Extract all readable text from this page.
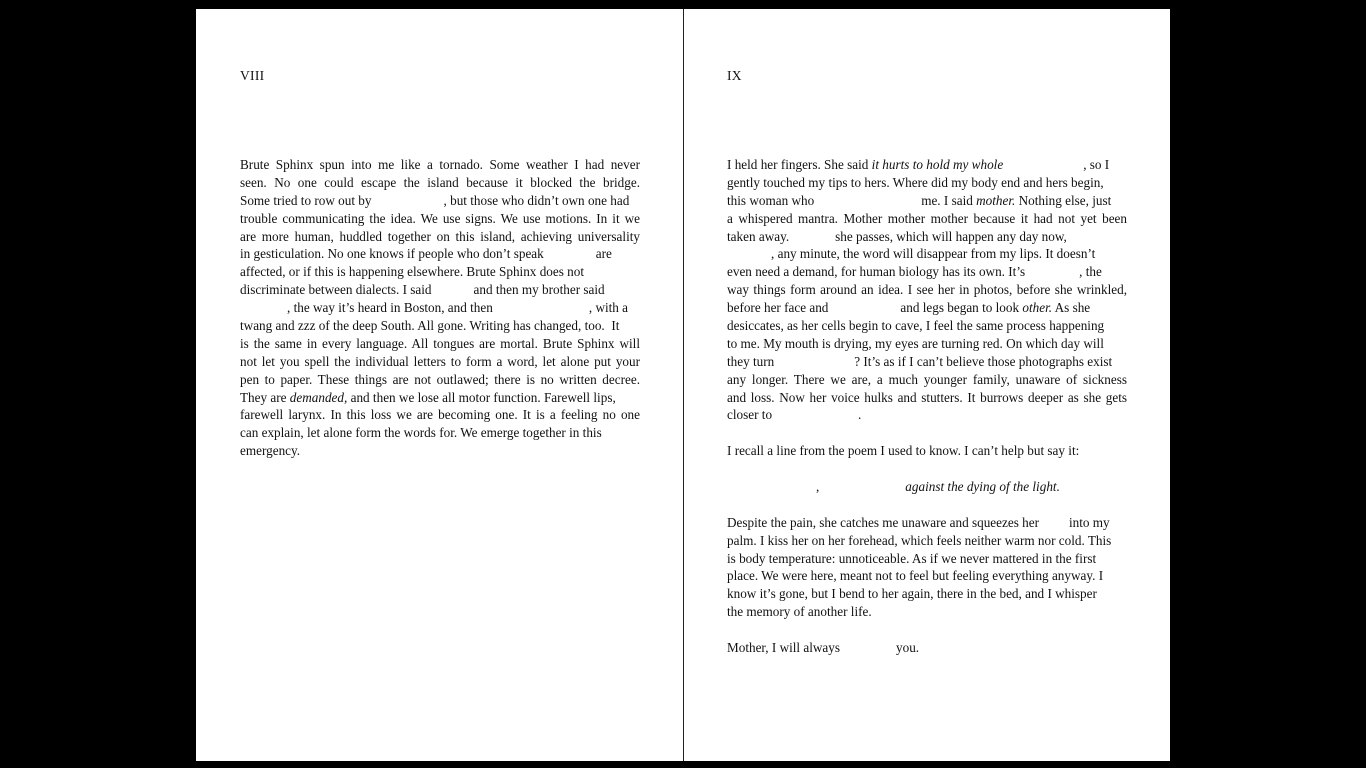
VIII
Brute Sphinx spun into me like a tornado. Some weather I had never
seen. No one could escape the island because it blocked the bridge.
Some tried to row out by	, but those who didn’t own one had
trouble communicating the idea. We use signs. We use motions. In it we
are more human, huddled together on this island, achieving universality
in gesticulation. No one knows if people who don’t speak	are
affected, or if this is happening elsewhere. Brute Sphinx does not
discriminate between dialects. I said	and then my brother said
, the way it’s heard in Boston, and then	, with a
twang and zzz of the deep South. All gone. Writing has changed, too.  It
is the same in every language. All tongues are mortal. Brute Sphinx will
not let you spell the individual letters to form a word, let alone put your
pen to paper. These things are not outlawed; there is no written decree.
They are demanded, and then we lose all motor function. Farewell lips,
farewell larynx. In this loss we are becoming one. It is a feeling no one
can explain, let alone form the words for. We emerge together in this
emergency.
IX
I held her fingers. She said it hurts to hold my whole	, so I
gently touched my tips to hers. Where did my body end and hers begin,
this woman who	me. I said mother. Nothing else, just
a whispered mantra. Mother mother mother because it had not yet been
taken away.	she passes, which will happen any day now,
, any minute, the word will disappear from my lips. It doesn’t
even need a demand, for human biology has its own. It’s	, the
way things form around an idea. I see her in photos, before she wrinkled,
before her face and	and legs began to look other. As she
desiccates, as her cells begin to cave, I feel the same process happening
to me. My mouth is drying, my eyes are turning red. On which day will
they turn	? It’s as if I can’t believe those photographs exist
any longer. There we are, a much younger family, unaware of sickness
and loss. Now her voice hulks and stutters. It burrows deeper as she gets
closer to	.
I recall a line from the poem I used to know. I can’t help but say it:
,	against the dying of the light.
Despite the pain, she catches me unaware and squeezes her into my
palm. I kiss her on her forehead, which feels neither warm nor cold. This
is body temperature: unnoticeable. As if we never mattered in the first
place. We were here, meant not to feel but feeling everything anyway. I
know it’s gone, but I bend to her again, there in the bed, and I whisper
the memory of another life.
Mother, I will always	you.
